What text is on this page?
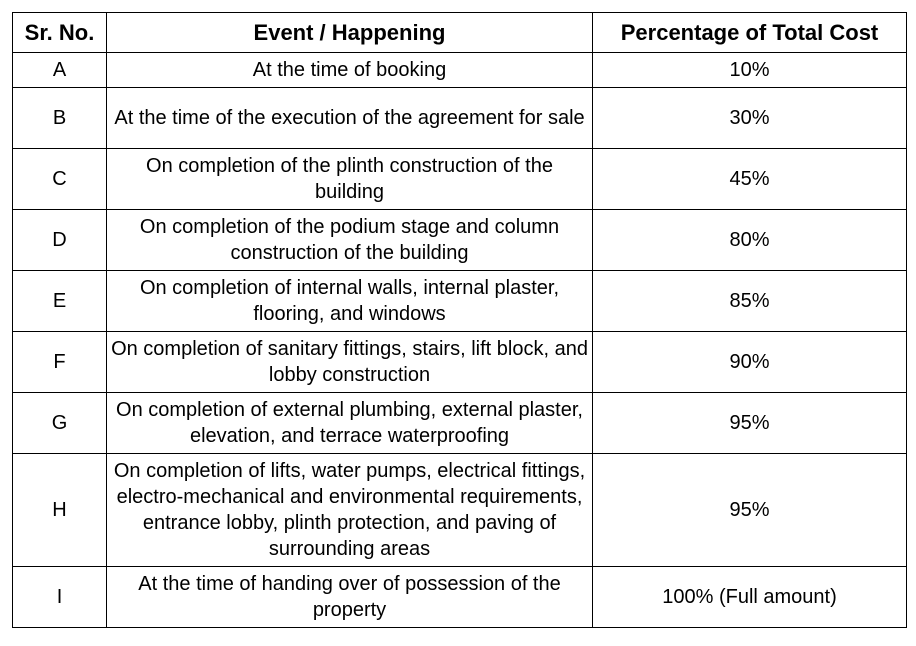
Sr. No.	Event / Happening	Percentage of Total Cost
A	At the time of booking	10%
B	At the time of the execution of the agreement for sale	30%
C	On completion of the plinth construction of the building	45%
D	On completion of the podium stage and column construction of the building	80%
E	On completion of internal walls, internal plaster, flooring, and windows	85%
F	On completion of sanitary fittings, stairs, lift block, and lobby construction	90%
G	On completion of external plumbing, external plaster, elevation, and terrace waterproofing	95%
H	On completion of lifts, water pumps, electrical fittings, electro-mechanical and environmental requirements, entrance lobby, plinth protection, and paving of surrounding areas	95%
I	At the time of handing over of possession of the property	100% (Full amount)
